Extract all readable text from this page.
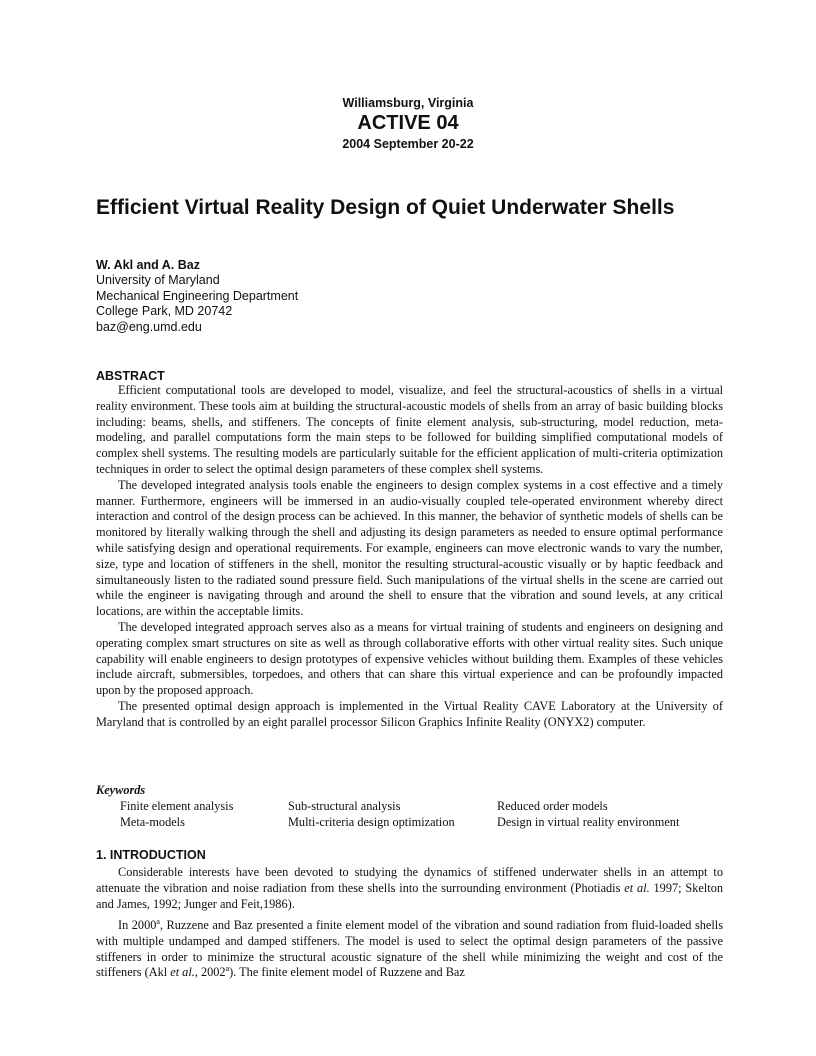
Williamsburg, Virginia
ACTIVE 04
2004 September 20-22
Efficient Virtual Reality Design of Quiet Underwater Shells
W. Akl and A. Baz
University of Maryland
Mechanical Engineering Department
College Park, MD 20742
baz@eng.umd.edu
ABSTRACT

Efficient computational tools are developed to model, visualize, and feel the structural-acoustics of shells in a virtual reality environment. These tools aim at building the structural-acoustic models of shells from an array of basic building blocks including: beams, shells, and stiffeners. The concepts of finite element analysis, sub-structuring, model reduction, meta-modeling, and parallel computations form the main steps to be followed for building simplified computational models of complex shell systems. The resulting models are particularly suitable for the efficient application of multi-criteria optimization techniques in order to select the optimal design parameters of these complex shell systems.

The developed integrated analysis tools enable the engineers to design complex systems in a cost effective and a timely manner. Furthermore, engineers will be immersed in an audio-visually coupled tele-operated environment whereby direct interaction and control of the design process can be achieved. In this manner, the behavior of synthetic models of shells can be monitored by literally walking through the shell and adjusting its design parameters as needed to ensure optimal performance while satisfying design and operational requirements. For example, engineers can move electronic wands to vary the number, size, type and location of stiffeners in the shell, monitor the resulting structural-acoustic visually or by haptic feedback and simultaneously listen to the radiated sound pressure field. Such manipulations of the virtual shells in the scene are carried out while the engineer is navigating through and around the shell to ensure that the vibration and sound levels, at any critical locations, are within the acceptable limits.

The developed integrated approach serves also as a means for virtual training of students and engineers on designing and operating complex smart structures on site as well as through collaborative efforts with other virtual reality sites. Such unique capability will enable engineers to design prototypes of expensive vehicles without building them. Examples of these vehicles include aircraft, submersibles, torpedoes, and others that can share this virtual experience and can be profoundly impacted upon by the proposed approach.

The presented optimal design approach is implemented in the Virtual Reality CAVE Laboratory at the University of Maryland that is controlled by an eight parallel processor Silicon Graphics Infinite Reality (ONYX2) computer.

Keywords
Finite element analysis	Sub-structural analysis	Reduced order models
Meta-models	Multi-criteria design optimization	Design in virtual reality environment
1. INTRODUCTION

Considerable interests have been devoted to studying the dynamics of stiffened underwater shells in an attempt to attenuate the vibration and noise radiation from these shells into the surrounding environment (Photiadis et al. 1997; Skelton and James, 1992; Junger and Feit,1986).

In 2000$^a$, Ruzzene and Baz presented a finite element model of the vibration and sound radiation from fluid-loaded shells with multiple undamped and damped stiffeners. The model is used to select the optimal design parameters of the passive stiffeners in order to minimize the structural acoustic signature of the shell while minimizing the weight and cost of the stiffeners (Akl et al., 2002$^a$). The finite element model of Ruzzene and Baz
